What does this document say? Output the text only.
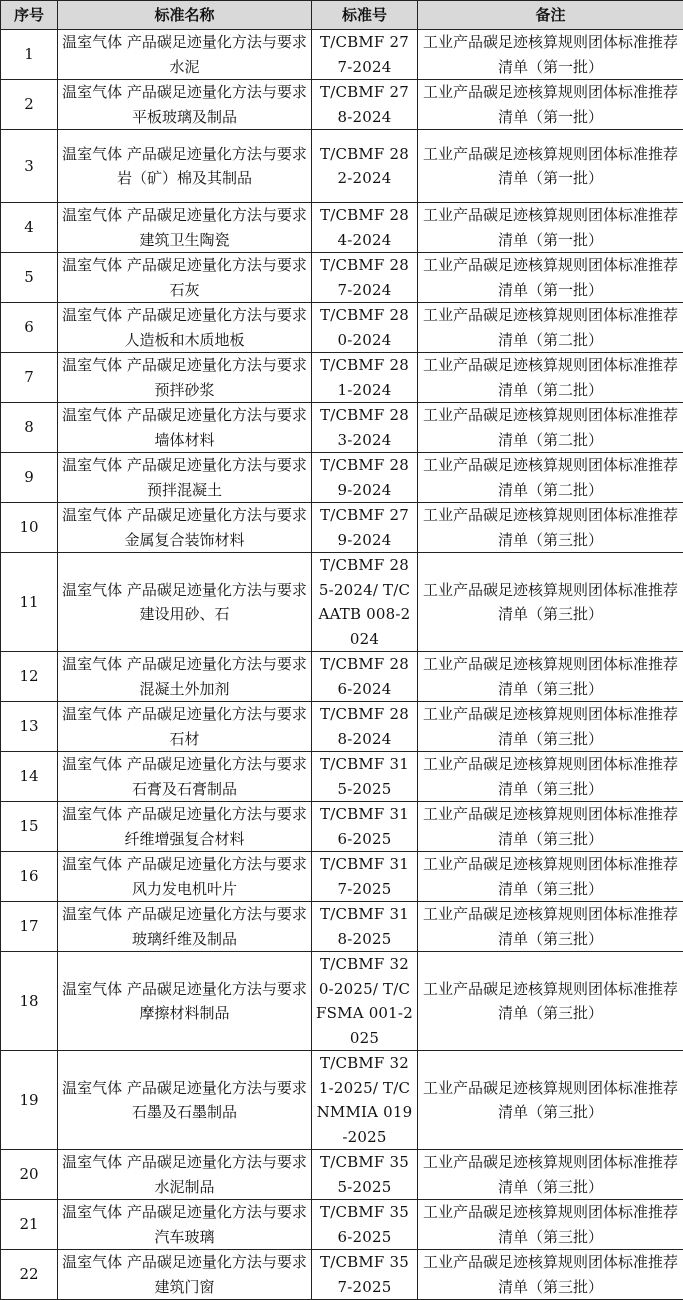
序号	标准名称	标准号	备注
1	温室气体 产品碳足迹量化方法与要求 水泥	T/CBMF 277-2024	工业产品碳足迹核算规则团体标准推荐清单（第一批）
2	温室气体 产品碳足迹量化方法与要求 平板玻璃及制品	T/CBMF 278-2024	工业产品碳足迹核算规则团体标准推荐清单（第一批）
3	温室气体 产品碳足迹量化方法与要求 岩（矿）棉及其制品	T/CBMF 282-2024	工业产品碳足迹核算规则团体标准推荐清单（第一批）
4	温室气体 产品碳足迹量化方法与要求 建筑卫生陶瓷	T/CBMF 284-2024	工业产品碳足迹核算规则团体标准推荐清单（第一批）
5	温室气体 产品碳足迹量化方法与要求 石灰	T/CBMF 287-2024	工业产品碳足迹核算规则团体标准推荐清单（第一批）
6	温室气体 产品碳足迹量化方法与要求 人造板和木质地板	T/CBMF 280-2024	工业产品碳足迹核算规则团体标准推荐清单（第二批）
7	温室气体 产品碳足迹量化方法与要求 预拌砂浆	T/CBMF 281-2024	工业产品碳足迹核算规则团体标准推荐清单（第二批）
8	温室气体 产品碳足迹量化方法与要求 墙体材料	T/CBMF 283-2024	工业产品碳足迹核算规则团体标准推荐清单（第二批）
9	温室气体 产品碳足迹量化方法与要求 预拌混凝土	T/CBMF 289-2024	工业产品碳足迹核算规则团体标准推荐清单（第二批）
10	温室气体 产品碳足迹量化方法与要求 金属复合装饰材料	T/CBMF 279-2024	工业产品碳足迹核算规则团体标准推荐清单（第三批）
11	温室气体 产品碳足迹量化方法与要求 建设用砂、石	T/CBMF 285-2024/ T/CAATB 008-2024	工业产品碳足迹核算规则团体标准推荐清单（第三批）
12	温室气体 产品碳足迹量化方法与要求 混凝土外加剂	T/CBMF 286-2024	工业产品碳足迹核算规则团体标准推荐清单（第三批）
13	温室气体 产品碳足迹量化方法与要求 石材	T/CBMF 288-2024	工业产品碳足迹核算规则团体标准推荐清单（第三批）
14	温室气体 产品碳足迹量化方法与要求 石膏及石膏制品	T/CBMF 315-2025	工业产品碳足迹核算规则团体标准推荐清单（第三批）
15	温室气体 产品碳足迹量化方法与要求 纤维增强复合材料	T/CBMF 316-2025	工业产品碳足迹核算规则团体标准推荐清单（第三批）
16	温室气体 产品碳足迹量化方法与要求 风力发电机叶片	T/CBMF 317-2025	工业产品碳足迹核算规则团体标准推荐清单（第三批）
17	温室气体 产品碳足迹量化方法与要求 玻璃纤维及制品	T/CBMF 318-2025	工业产品碳足迹核算规则团体标准推荐清单（第三批）
18	温室气体 产品碳足迹量化方法与要求 摩擦材料制品	T/CBMF 320-2025/ T/CFSMA 001-2025	工业产品碳足迹核算规则团体标准推荐清单（第三批）
19	温室气体 产品碳足迹量化方法与要求 石墨及石墨制品	T/CBMF 321-2025/ T/CNMMIA 019-2025	工业产品碳足迹核算规则团体标准推荐清单（第三批）
20	温室气体 产品碳足迹量化方法与要求 水泥制品	T/CBMF 355-2025	工业产品碳足迹核算规则团体标准推荐清单（第三批）
21	温室气体 产品碳足迹量化方法与要求 汽车玻璃	T/CBMF 356-2025	工业产品碳足迹核算规则团体标准推荐清单（第三批）
22	温室气体 产品碳足迹量化方法与要求 建筑门窗	T/CBMF 357-2025	工业产品碳足迹核算规则团体标准推荐清单（第三批）
